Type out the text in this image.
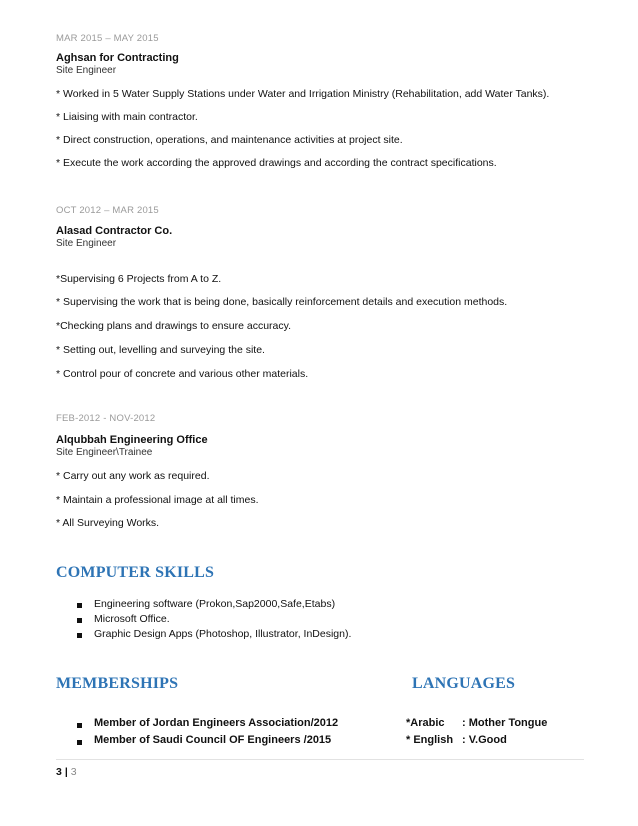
MAR 2015 – MAY 2015
Aghsan for Contracting
Site Engineer
* Worked in 5 Water Supply Stations under Water and Irrigation Ministry (Rehabilitation, add Water Tanks).
* Liaising with main contractor.
* Direct construction, operations, and maintenance activities at project site.
* Execute the work according the approved drawings and according the contract specifications.
OCT 2012 – MAR 2015
Alasad Contractor Co.
Site Engineer
*Supervising 6 Projects from A to Z.
* Supervising the work that is being done, basically reinforcement details and execution methods.
*Checking plans and drawings to ensure accuracy.
* Setting out, levelling and surveying the site.
* Control pour of concrete and various other materials.
FEB-2012 - NOV-2012
Alqubbah Engineering Office
Site Engineer\Trainee
* Carry out any work as required.
* Maintain a professional image at all times.
* All Surveying Works.
COMPUTER SKILLS
Engineering software (Prokon,Sap2000,Safe,Etabs)
Microsoft Office.
Graphic Design Apps (Photoshop, Illustrator, InDesign).
MEMBERSHIPS
Member of Jordan Engineers Association/2012
Member of Saudi Council OF Engineers /2015
LANGUAGES
*Arabic : Mother Tongue
* English : V.Good
3 | 3
